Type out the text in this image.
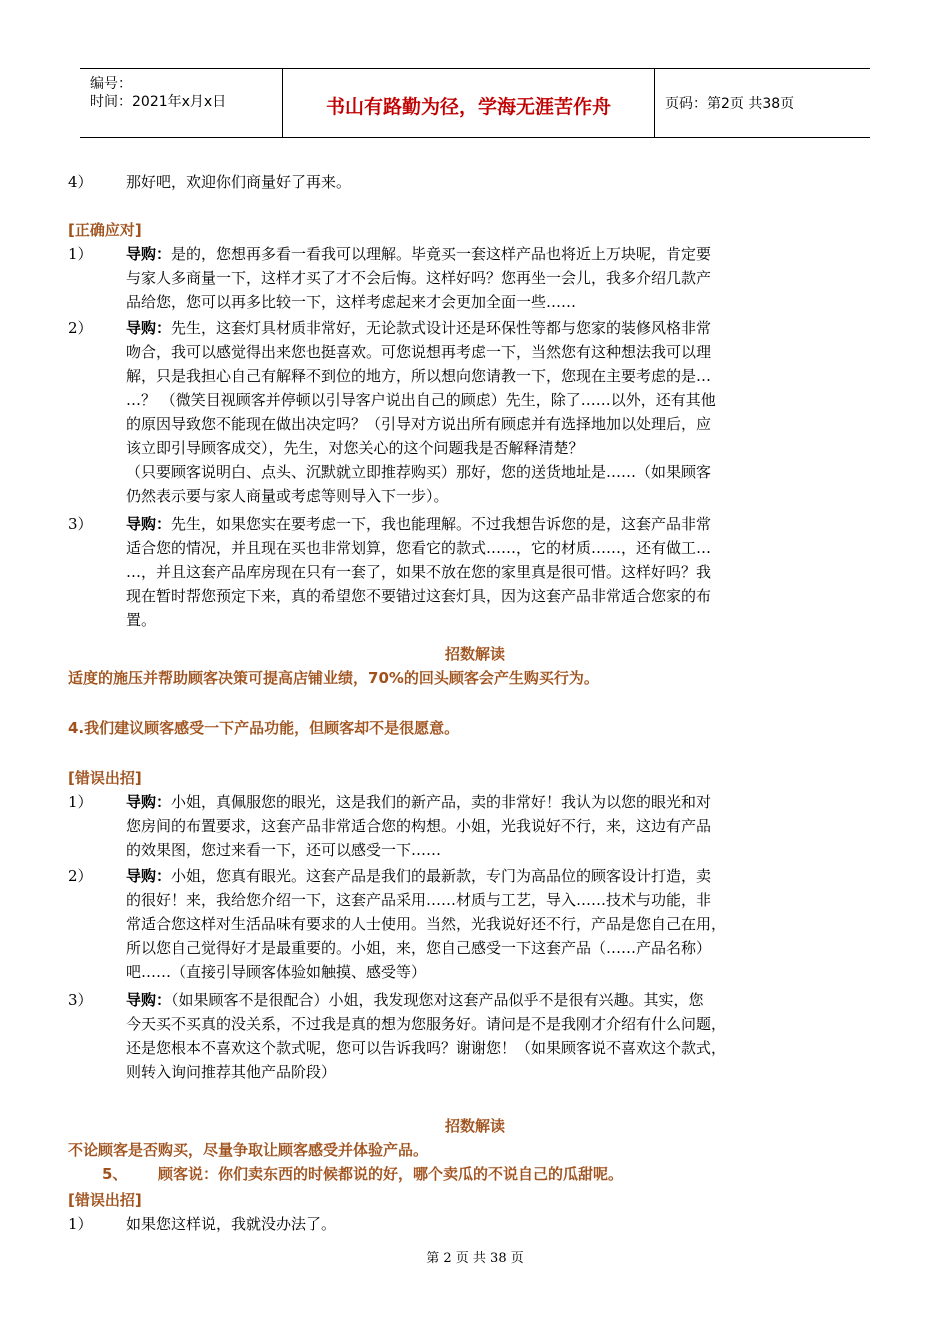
编号：
时间：2021年x月x日	书山有路勤为径，学海无涯苦作舟	页码：第2页 共38页
4） 那好吧，欢迎你们商量好了再来。
[正确应对]
1） 导购：是的，您想再多看一看我可以理解。毕竟买一套这样产品也将近上万块呢，肯定要
与家人多商量一下，这样才买了才不会后悔。这样好吗？您再坐一会儿，我多介绍几款产
品给您，您可以再多比较一下，这样考虑起来才会更加全面一些……
2） 导购：先生，这套灯具材质非常好，无论款式设计还是环保性等都与您家的装修风格非常
吻合，我可以感觉得出来您也挺喜欢。可您说想再考虑一下，当然您有这种想法我可以理
解，只是我担心自己有解释不到位的地方，所以想向您请教一下，您现在主要考虑的是…
…？ （微笑目视顾客并停顿以引导客户说出自己的顾虑）先生，除了……以外，还有其他
的原因导致您不能现在做出决定吗？（引导对方说出所有顾虑并有选择地加以处理后，应
该立即引导顾客成交），先生，对您关心的这个问题我是否解释清楚？
（只要顾客说明白、点头、沉默就立即推荐购买）那好，您的送货地址是……（如果顾客
仍然表示要与家人商量或考虑等则导入下一步）。
3） 导购：先生，如果您实在要考虑一下，我也能理解。不过我想告诉您的是，这套产品非常
适合您的情况，并且现在买也非常划算，您看它的款式……，它的材质……，还有做工…
…，并且这套产品库房现在只有一套了，如果不放在您的家里真是很可惜。这样好吗？我
现在暂时帮您预定下来，真的希望您不要错过这套灯具，因为这套产品非常适合您家的布
置。
招数解读
适度的施压并帮助顾客决策可提高店铺业绩，70%的回头顾客会产生购买行为。
4.我们建议顾客感受一下产品功能，但顾客却不是很愿意。
[错误出招]
1） 导购：小姐，真佩服您的眼光，这是我们的新产品，卖的非常好！我认为以您的眼光和对
您房间的布置要求，这套产品非常适合您的构想。小姐，光我说好不行，来，这边有产品
的效果图，您过来看一下，还可以感受一下……
2） 导购：小姐，您真有眼光。这套产品是我们的最新款，专门为高品位的顾客设计打造，卖
的很好！来，我给您介绍一下，这套产品采用……材质与工艺，导入……技术与功能，非
常适合您这样对生活品味有要求的人士使用。当然，光我说好还不行，产品是您自己在用，
所以您自己觉得好才是最重要的。小姐，来，您自己感受一下这套产品（……产品名称）
吧……（直接引导顾客体验如触摸、感受等）
3） 导购：（如果顾客不是很配合）小姐，我发现您对这套产品似乎不是很有兴趣。其实，您
今天买不买真的没关系，不过我是真的想为您服务好。请问是不是我刚才介绍有什么问题，
还是您根本不喜欢这个款式呢，您可以告诉我吗？谢谢您！（如果顾客说不喜欢这个款式，
则转入询问推荐其他产品阶段）
招数解读
不论顾客是否购买，尽量争取让顾客感受并体验产品。
5、 顾客说：你们卖东西的时候都说的好，哪个卖瓜的不说自己的瓜甜呢。
[错误出招]
1） 如果您这样说，我就没办法了。
第 2 页 共 38 页
